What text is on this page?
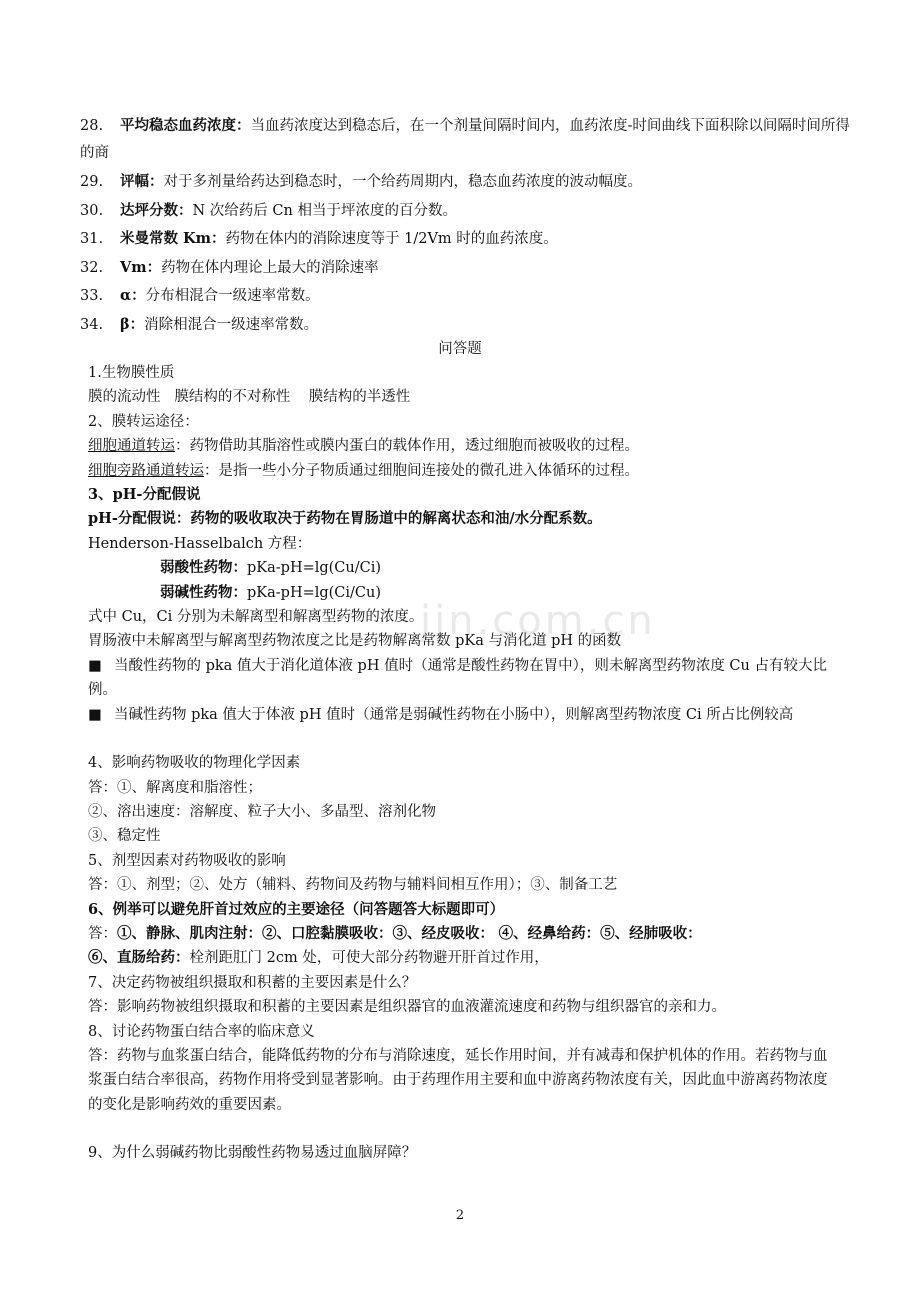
jin.com.cn
28. 平均稳态血药浓度：当血药浓度达到稳态后，在一个剂量间隔时间内，血药浓度-时间曲线下面积除以间隔时间所得的商
29. 评幅：对于多剂量给药达到稳态时，一个给药周期内，稳态血药浓度的波动幅度。
30. 达坪分数：N 次给药后 Cn 相当于坪浓度的百分数。
31. 米曼常数 Km：药物在体内的消除速度等于 1/2Vm 时的血药浓度。
32. Vm：药物在体内理论上最大的消除速率
33. α：分布相混合一级速率常数。
34. β：消除相混合一级速率常数。
问答题
1.生物膜性质
膜的流动性   膜结构的不对称性    膜结构的半透性
2、膜转运途径：
细胞通道转运：药物借助其脂溶性或膜内蛋白的载体作用，透过细胞而被吸收的过程。
细胞旁路通道转运：是指一些小分子物质通过细胞间连接处的微孔进入体循环的过程。
3、pH-分配假说
pH-分配假说：药物的吸收取决于药物在胃肠道中的解离状态和油/水分配系数。
Henderson-Hasselbalch 方程：
弱酸性药物：pKa-pH=lg(Cu/Ci)
弱碱性药物：pKa-pH=lg(Ci/Cu)
式中 Cu，Ci 分别为未解离型和解离型药物的浓度。
胃肠液中未解离型与解离型药物浓度之比是药物解离常数 pKa 与消化道 pH 的函数
■ 当酸性药物的 pka 值大于消化道体液 pH 值时（通常是酸性药物在胃中），则未解离型药物浓度 Cu 占有较大比例。
■ 当碱性药物 pka 值大于体液 pH 值时（通常是弱碱性药物在小肠中），则解离型药物浓度 Ci 所占比例较高
4、影响药物吸收的物理化学因素
答：①、解离度和脂溶性；
②、溶出速度：溶解度、粒子大小、多晶型、溶剂化物
③、稳定性
5、剂型因素对药物吸收的影响
答：①、剂型；②、处方（辅料、药物间及药物与辅料间相互作用）；③、制备工艺
6、例举可以避免肝首过效应的主要途径（问答题答大标题即可）
答：①、静脉、肌肉注射：②、口腔黏膜吸收：③、经皮吸收： ④、经鼻给药：⑤、经肺吸收：
⑥、直肠给药：栓剂距肛门 2cm 处，可使大部分药物避开肝首过作用，
7、决定药物被组织摄取和积蓄的主要因素是什么？
答：影响药物被组织摄取和积蓄的主要因素是组织器官的血液灌流速度和药物与组织器官的亲和力。
8、讨论药物蛋白结合率的临床意义
答：药物与血浆蛋白结合，能降低药物的分布与消除速度，延长作用时间，并有减毒和保护机体的作用。若药物与血浆蛋白结合率很高，药物作用将受到显著影响。由于药理作用主要和血中游离药物浓度有关，因此血中游离药物浓度的变化是影响药效的重要因素。
9、为什么弱碱药物比弱酸性药物易透过血脑屏障？
2
